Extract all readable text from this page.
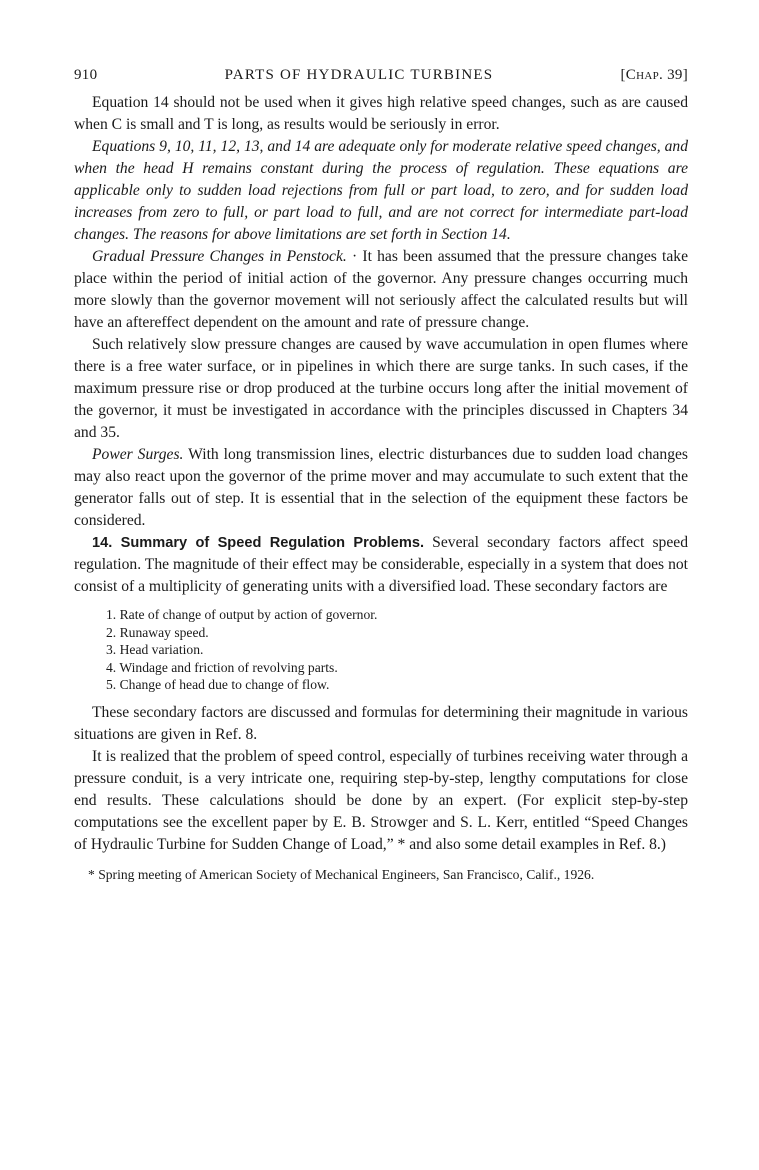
910	PARTS OF HYDRAULIC TURBINES	[Chap. 39]

Equation 14 should not be used when it gives high relative speed changes, such as are caused when C is small and T is long, as results would be seriously in error.

Equations 9, 10, 11, 12, 13, and 14 are adequate only for moderate relative speed changes, and when the head H remains constant during the process of regulation. These equations are applicable only to sudden load rejections from full or part load, to zero, and for sudden load increases from zero to full, or part load to full, and are not correct for intermediate part-load changes. The reasons for above limitations are set forth in Section 14.

Gradual Pressure Changes in Penstock. · It has been assumed that the pressure changes take place within the period of initial action of the governor. Any pressure changes occurring much more slowly than the governor movement will not seriously affect the calculated results but will have an aftereffect dependent on the amount and rate of pressure change.

Such relatively slow pressure changes are caused by wave accumulation in open flumes where there is a free water surface, or in pipelines in which there are surge tanks. In such cases, if the maximum pressure rise or drop produced at the turbine occurs long after the initial movement of the governor, it must be investigated in accordance with the principles discussed in Chapters 34 and 35.

Power Surges. With long transmission lines, electric disturbances due to sudden load changes may also react upon the governor of the prime mover and may accumulate to such extent that the generator falls out of step. It is essential that in the selection of the equipment these factors be considered.

14. Summary of Speed Regulation Problems. Several secondary factors affect speed regulation. The magnitude of their effect may be considerable, especially in a system that does not consist of a multiplicity of generating units with a diversified load. These secondary factors are

1. Rate of change of output by action of governor.
2. Runaway speed.
3. Head variation.
4. Windage and friction of revolving parts.
5. Change of head due to change of flow.

These secondary factors are discussed and formulas for determining their magnitude in various situations are given in Ref. 8.

It is realized that the problem of speed control, especially of turbines receiving water through a pressure conduit, is a very intricate one, requiring step-by-step, lengthy computations for close end results. These calculations should be done by an expert. (For explicit step-by-step computations see the excellent paper by E. B. Strowger and S. L. Kerr, entitled “Speed Changes of Hydraulic Turbine for Sudden Change of Load,” * and also some detail examples in Ref. 8.)

* Spring meeting of American Society of Mechanical Engineers, San Francisco, Calif., 1926.
